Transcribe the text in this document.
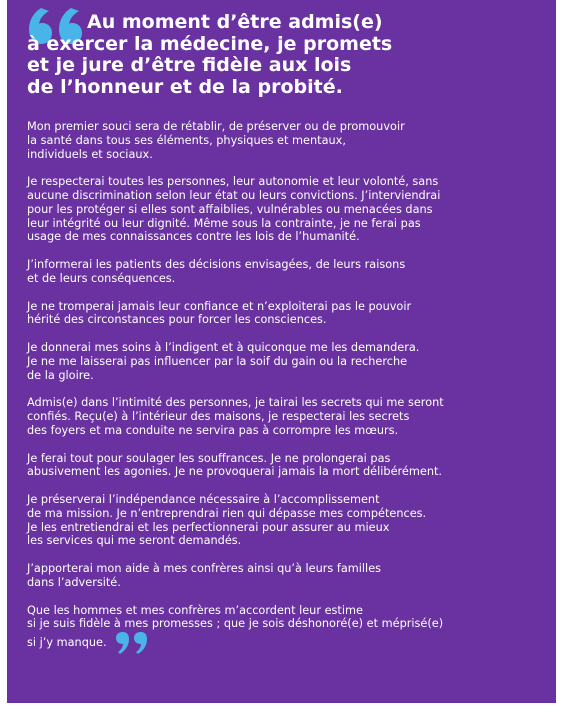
Au moment d’être admis(e)
à exercer la médecine, je promets
et je jure d’être fidèle aux lois
de l’honneur et de la probité.

Mon premier souci sera de rétablir, de préserver ou de promouvoir
la santé dans tous ses éléments, physiques et mentaux,
individuels et sociaux.

Je respecterai toutes les personnes, leur autonomie et leur volonté, sans
aucune discrimination selon leur état ou leurs convictions. J’interviendrai
pour les protéger si elles sont affaiblies, vulnérables ou menacées dans
leur intégrité ou leur dignité. Même sous la contrainte, je ne ferai pas
usage de mes connaissances contre les lois de l’humanité.

J’informerai les patients des décisions envisagées, de leurs raisons
et de leurs conséquences.

Je ne tromperai jamais leur confiance et n’exploiterai pas le pouvoir
hérité des circonstances pour forcer les consciences.

Je donnerai mes soins à l’indigent et à quiconque me les demandera.
Je ne me laisserai pas influencer par la soif du gain ou la recherche
de la gloire.

Admis(e) dans l’intimité des personnes, je tairai les secrets qui me seront
confiés. Reçu(e) à l’intérieur des maisons, je respecterai les secrets
des foyers et ma conduite ne servira pas à corrompre les mœurs.

Je ferai tout pour soulager les souffrances. Je ne prolongerai pas
abusivement les agonies. Je ne provoquerai jamais la mort délibérément.

Je préserverai l’indépendance nécessaire à l’accomplissement
de ma mission. Je n’entreprendrai rien qui dépasse mes compétences.
Je les entretiendrai et les perfectionnerai pour assurer au mieux
les services qui me seront demandés.

J’apporterai mon aide à mes confrères ainsi qu’à leurs familles
dans l’adversité.

Que les hommes et mes confrères m’accordent leur estime
si je suis fidèle à mes promesses ; que je sois déshonoré(e) et méprisé(e)
si j’y manque.
